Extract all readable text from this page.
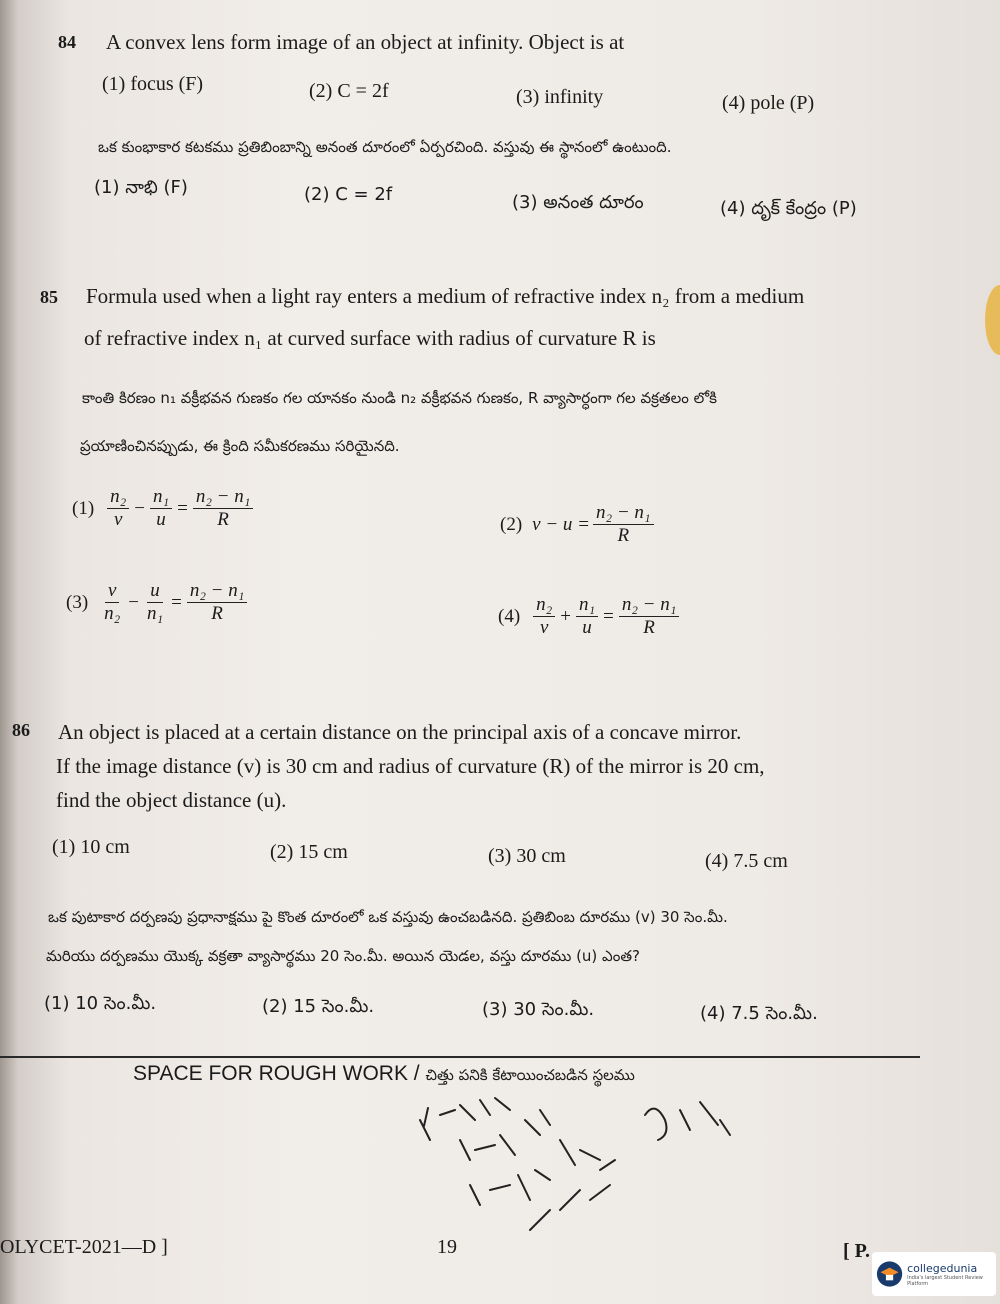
84 A convex lens form image of an object at infinity. Object is at
(1) focus (F)	(2) C = 2f	(3) infinity	(4) pole (P)
ఒక కుంభాకార కటకము ప్రతిబింబాన్ని అనంత దూరంలో ఏర్పరచింది. వస్తువు ఈ స్థానంలో ఉంటుంది.
(1) నాభి (F)	(2) C = 2f	(3) అనంత దూరం	(4) దృక్ కేంద్రం (P)
85 Formula used when a light ray enters a medium of refractive index n₂ from a medium
of refractive index n₁ at curved surface with radius of curvature R is
కాంతి కిరణం n₁ వక్రీభవన గుణకం గల యానకం నుండి n₂ వక్రీభవన గుణకం, R వ్యాసార్ధంగా గల వక్రతలం లోకి
ప్రయాణించినప్పుడు, ఈ క్రింది సమీకరణము సరియైనది.
$(1) \frac{\text{n₂}}{v} - \frac{\text{n₁}}{u} = \frac{\text{n₂ − n₁}}{R}$	(2) $v - u = \frac{\text{n₂ − n₁}}{R}$
$(3) \frac{v}{\text{n₂}} - \frac{u}{\text{n₁}} = \frac{\text{n₂ − n₁}}{R}$	$(4) \frac{\text{n₂}}{v} + \frac{\text{n₁}}{u} = \frac{\text{n₂ − n₁}}{R}$
86 An object is placed at a certain distance on the principal axis of a concave mirror.
If the image distance (v) is 30 cm and radius of curvature (R) of the mirror is 20 cm,
find the object distance (u).
(1) 10 cm	(2) 15 cm	(3) 30 cm	(4) 7.5 cm
ఒక పుటాకార దర్పణపు ప్రధానాక్షము పై కొంత దూరంలో ఒక వస్తువు ఉంచబడినది. ప్రతిబింబ దూరము (v) 30 సెం.మీ.
మరియు దర్పణము యొక్క వక్రతా వ్యాసార్థము 20 సెం.మీ. అయిన యెడల, వస్తు దూరము (u) ఎంత?
(1) 10 సెం.మీ.	(2) 15 సెం.మీ.	(3) 30 సెం.మీ.	(4) 7.5 సెం.మీ.
SPACE FOR ROUGH WORK / చిత్తు పనికి కేటాయించబడిన స్థలము
OLYCET-2021—D ]	19	[ P.
collegedunia
India's largest Student Review Platform
